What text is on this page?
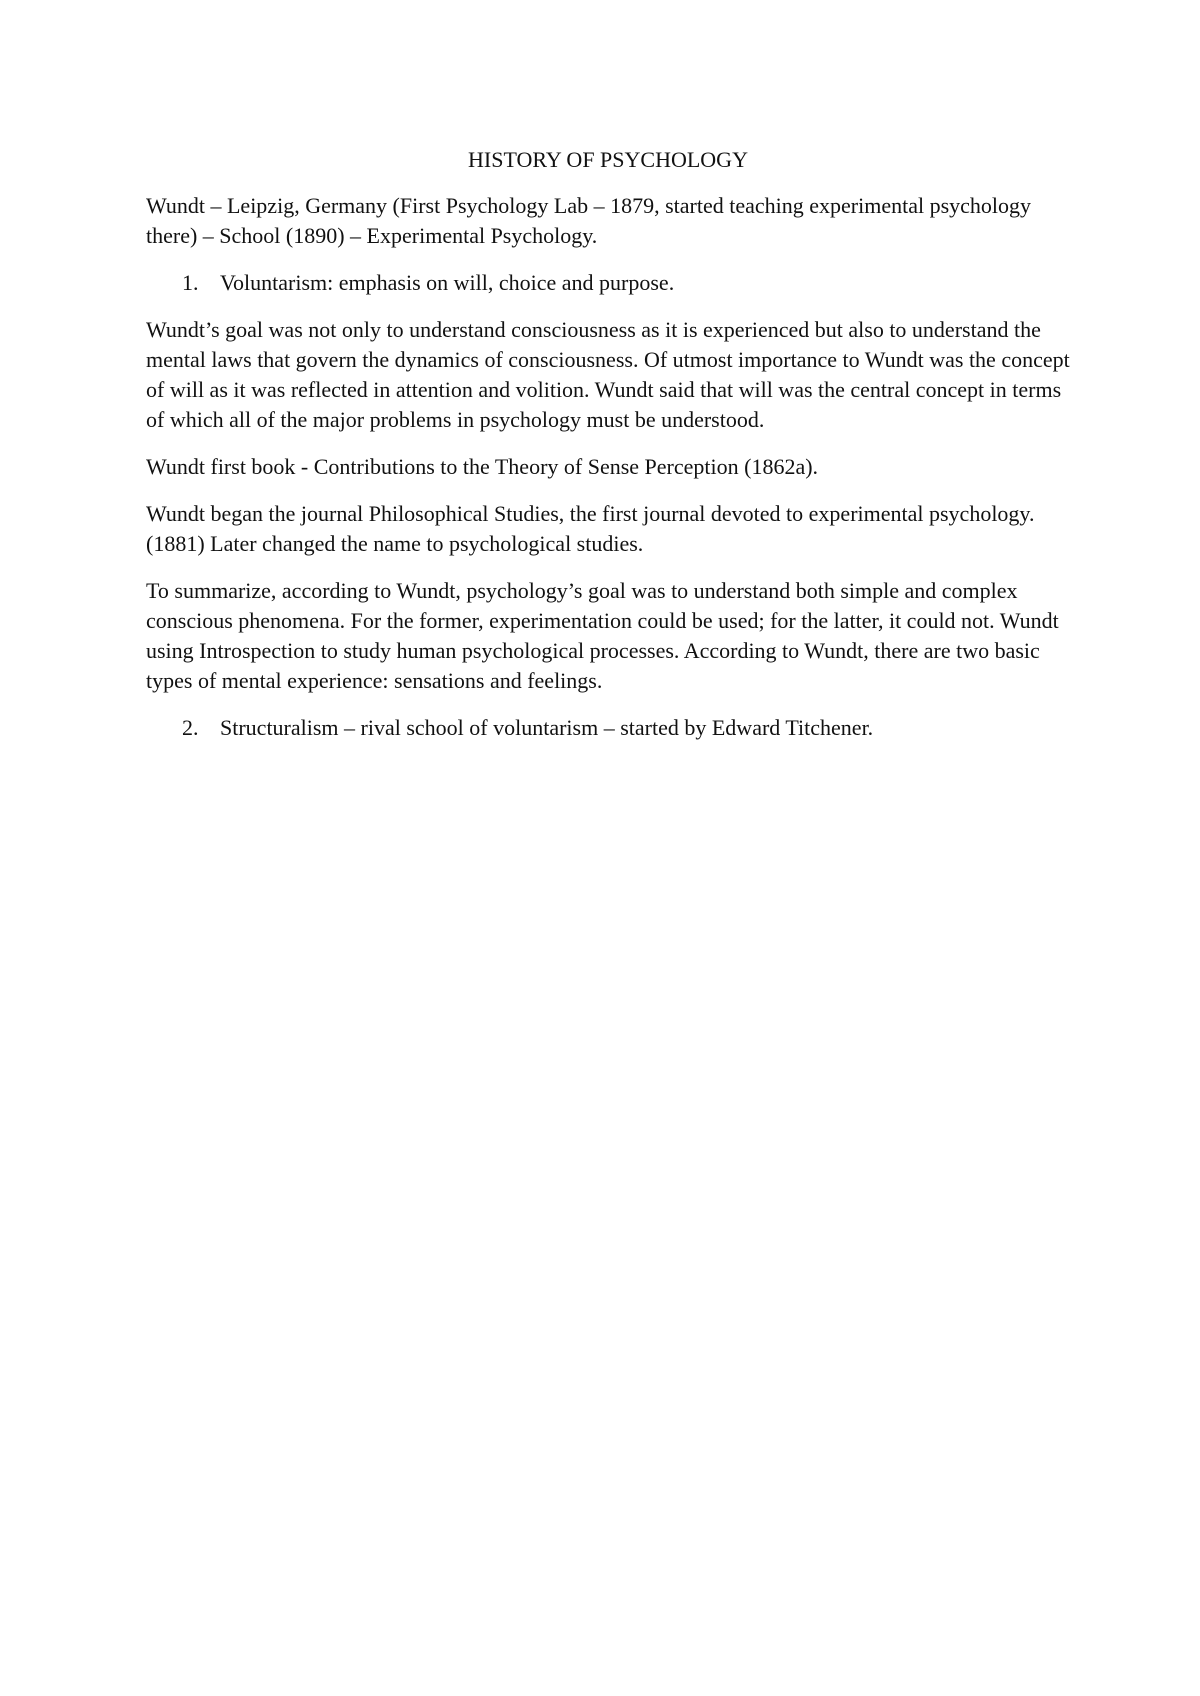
HISTORY OF PSYCHOLOGY

Wundt – Leipzig, Germany (First Psychology Lab – 1879, started teaching experimental psychology there) – School (1890) – Experimental Psychology.

1. Voluntarism: emphasis on will, choice and purpose.

Wundt’s goal was not only to understand consciousness as it is experienced but also to understand the mental laws that govern the dynamics of consciousness. Of utmost importance to Wundt was the concept of will as it was reflected in attention and volition. Wundt said that will was the central concept in terms of which all of the major problems in psychology must be understood.

Wundt first book - Contributions to the Theory of Sense Perception (1862a).

Wundt began the journal Philosophical Studies, the first journal devoted to experimental psychology. (1881) Later changed the name to psychological studies.

To summarize, according to Wundt, psychology’s goal was to understand both simple and complex conscious phenomena. For the former, experimentation could be used; for the latter, it could not. Wundt using Introspection to study human psychological processes. According to Wundt, there are two basic types of mental experience: sensations and feelings.

2. Structuralism – rival school of voluntarism – started by Edward Titchener.
